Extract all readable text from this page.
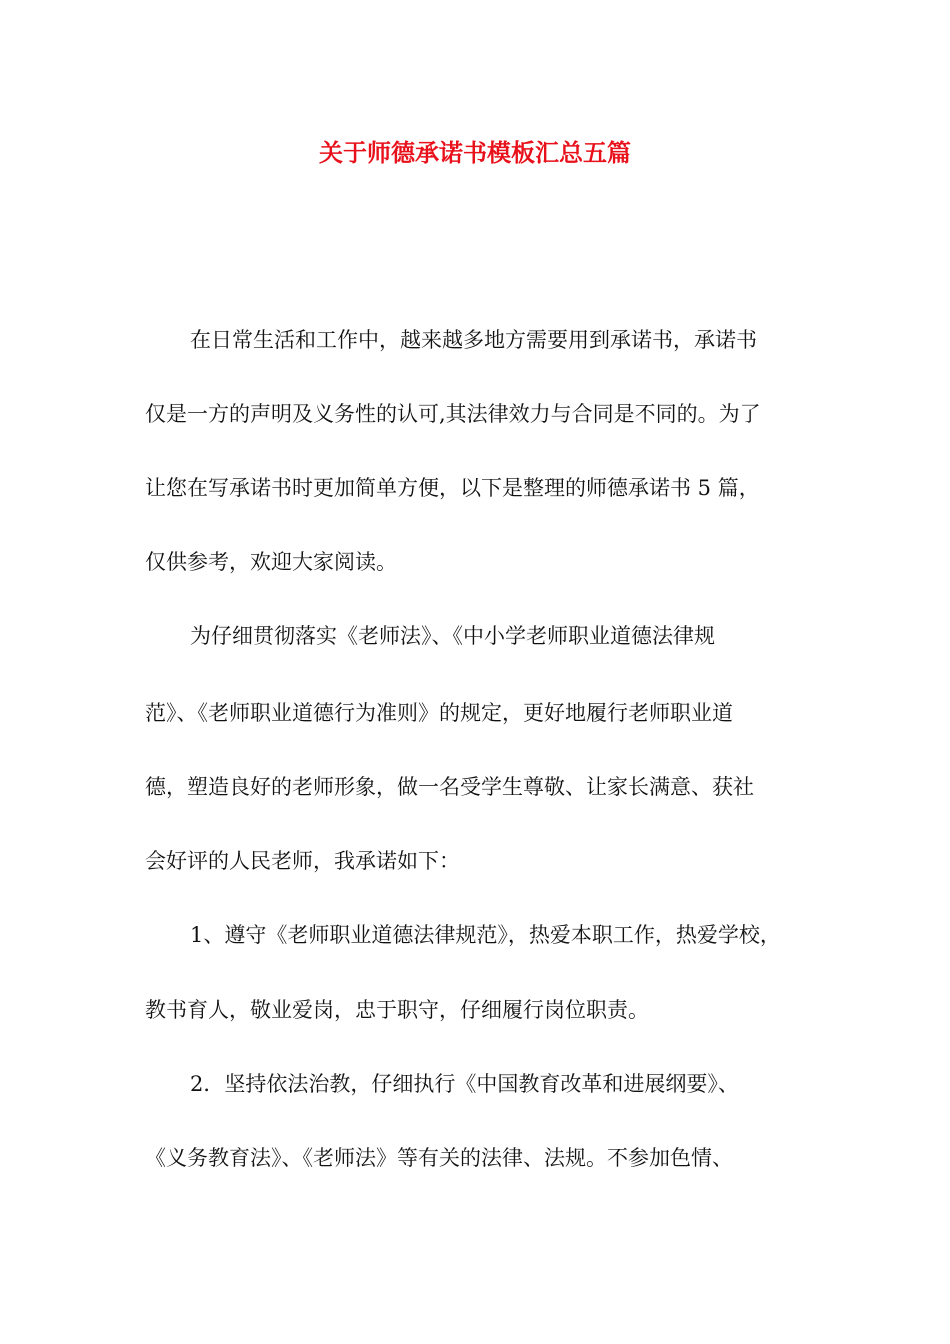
关于师德承诺书模板汇总五篇

在日常生活和工作中，越来越多地方需要用到承诺书，承诺书

仅是一方的声明及义务性的认可,其法律效力与合同是不同的。为了

让您在写承诺书时更加简单方便，以下是整理的师德承诺书 5 篇，

仅供参考，欢迎大家阅读。

为仔细贯彻落实《老师法》、《中小学老师职业道德法律规

范》、《老师职业道德行为准则》的规定，更好地履行老师职业道

德，塑造良好的老师形象，做一名受学生尊敬、让家长满意、获社

会好评的人民老师，我承诺如下：

1、遵守《老师职业道德法律规范》，热爱本职工作，热爱学校，

教书育人，敬业爱岗，忠于职守，仔细履行岗位职责。

2．坚持依法治教，仔细执行《中国教育改革和进展纲要》、

《义务教育法》、《老师法》等有关的法律、法规。不参加色情、
